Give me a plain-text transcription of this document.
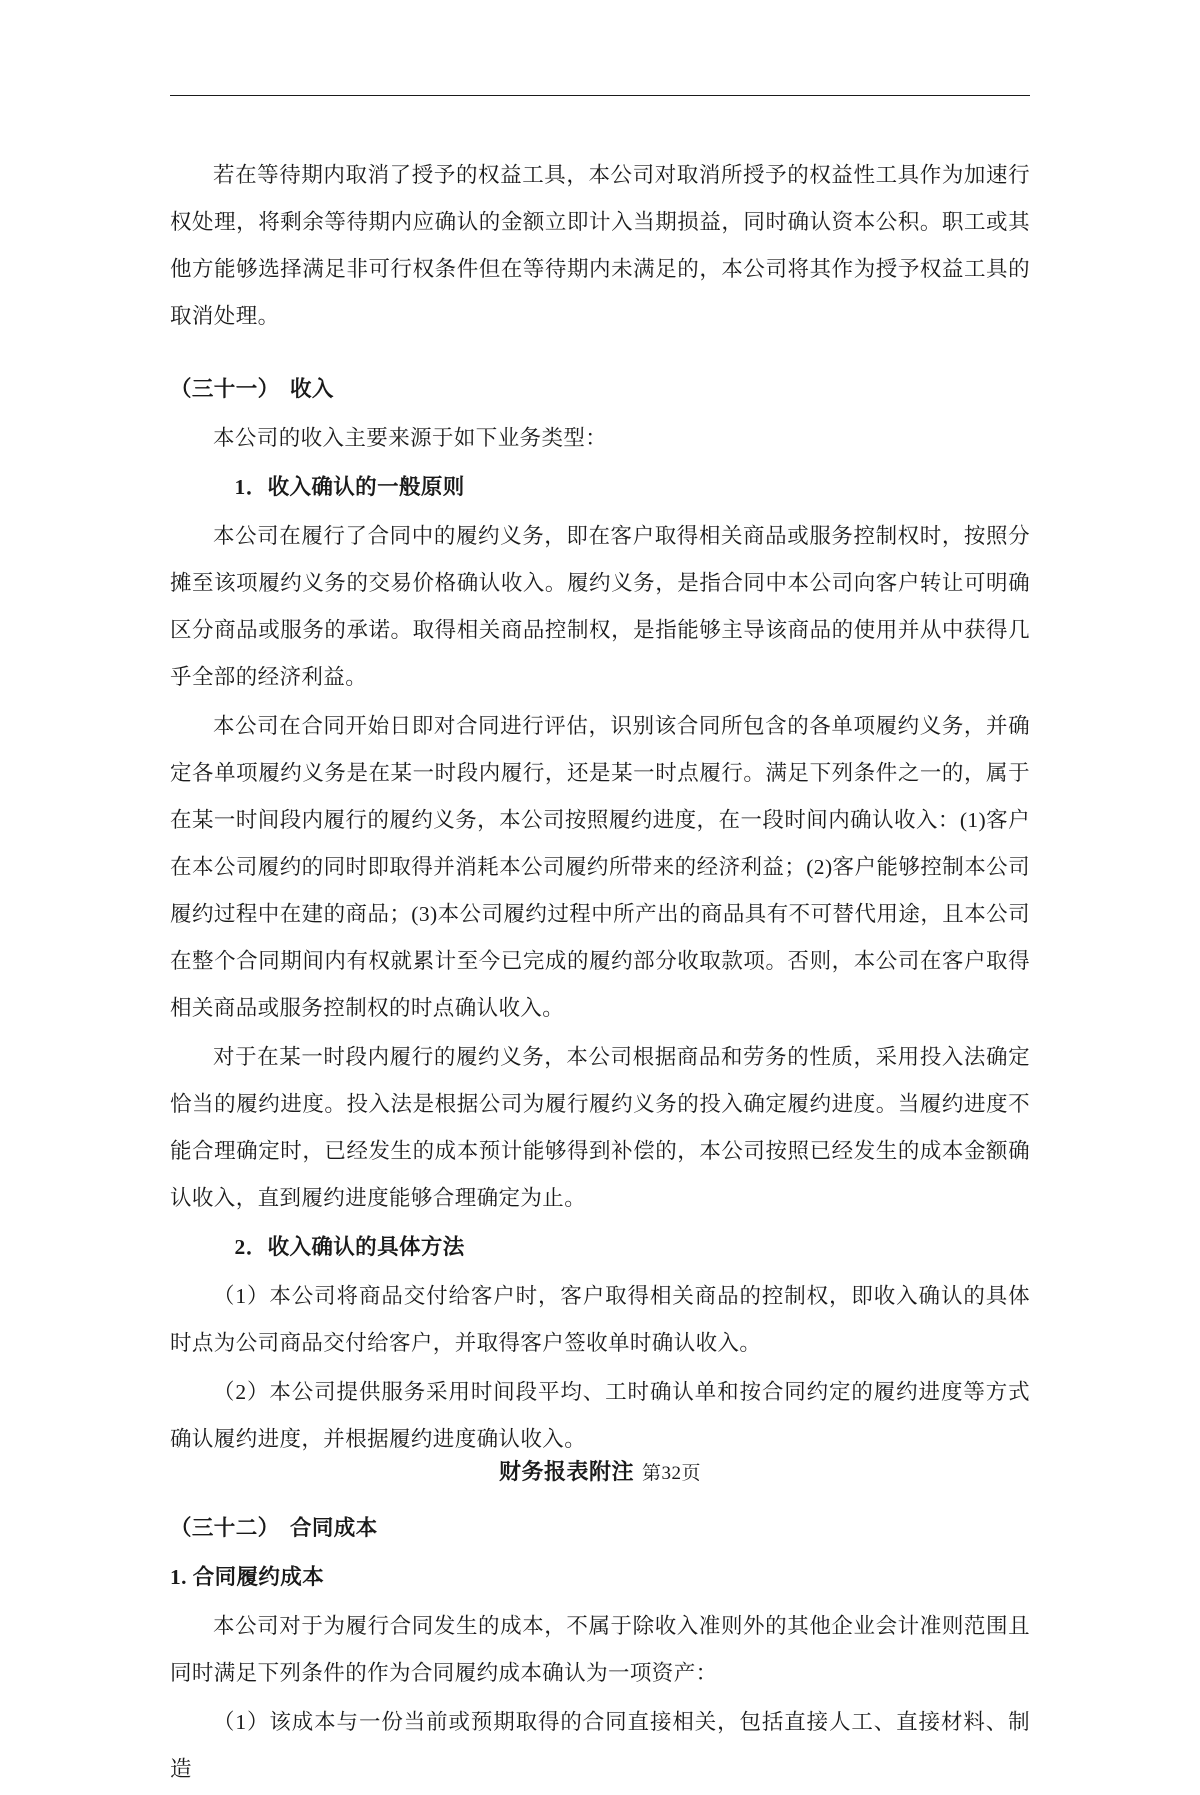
若在等待期内取消了授予的权益工具，本公司对取消所授予的权益性工具作为加速行权处理，将剩余等待期内应确认的金额立即计入当期损益，同时确认资本公积。职工或其他方能够选择满足非可行权条件但在等待期内未满足的，本公司将其作为授予权益工具的取消处理。

（三十一） 收入

本公司的收入主要来源于如下业务类型：

1．收入确认的一般原则

本公司在履行了合同中的履约义务，即在客户取得相关商品或服务控制权时，按照分摊至该项履约义务的交易价格确认收入。履约义务，是指合同中本公司向客户转让可明确区分商品或服务的承诺。取得相关商品控制权，是指能够主导该商品的使用并从中获得几乎全部的经济利益。

本公司在合同开始日即对合同进行评估，识别该合同所包含的各单项履约义务，并确定各单项履约义务是在某一时段内履行，还是某一时点履行。满足下列条件之一的，属于在某一时间段内履行的履约义务，本公司按照履约进度，在一段时间内确认收入：(1)客户在本公司履约的同时即取得并消耗本公司履约所带来的经济利益；(2)客户能够控制本公司履约过程中在建的商品；(3)本公司履约过程中所产出的商品具有不可替代用途，且本公司在整个合同期间内有权就累计至今已完成的履约部分收取款项。否则，本公司在客户取得相关商品或服务控制权的时点确认收入。

对于在某一时段内履行的履约义务，本公司根据商品和劳务的性质，采用投入法确定恰当的履约进度。投入法是根据公司为履行履约义务的投入确定履约进度。当履约进度不能合理确定时，已经发生的成本预计能够得到补偿的，本公司按照已经发生的成本金额确认收入，直到履约进度能够合理确定为止。

2．收入确认的具体方法

（1）本公司将商品交付给客户时，客户取得相关商品的控制权，即收入确认的具体时点为公司商品交付给客户，并取得客户签收单时确认收入。

（2）本公司提供服务采用时间段平均、工时确认单和按合同约定的履约进度等方式确认履约进度，并根据履约进度确认收入。

（三十二） 合同成本
1. 合同履约成本

本公司对于为履行合同发生的成本，不属于除收入准则外的其他企业会计准则范围且同时满足下列条件的作为合同履约成本确认为一项资产：

（1）该成本与一份当前或预期取得的合同直接相关，包括直接人工、直接材料、制造

财务报表附注 第32页
